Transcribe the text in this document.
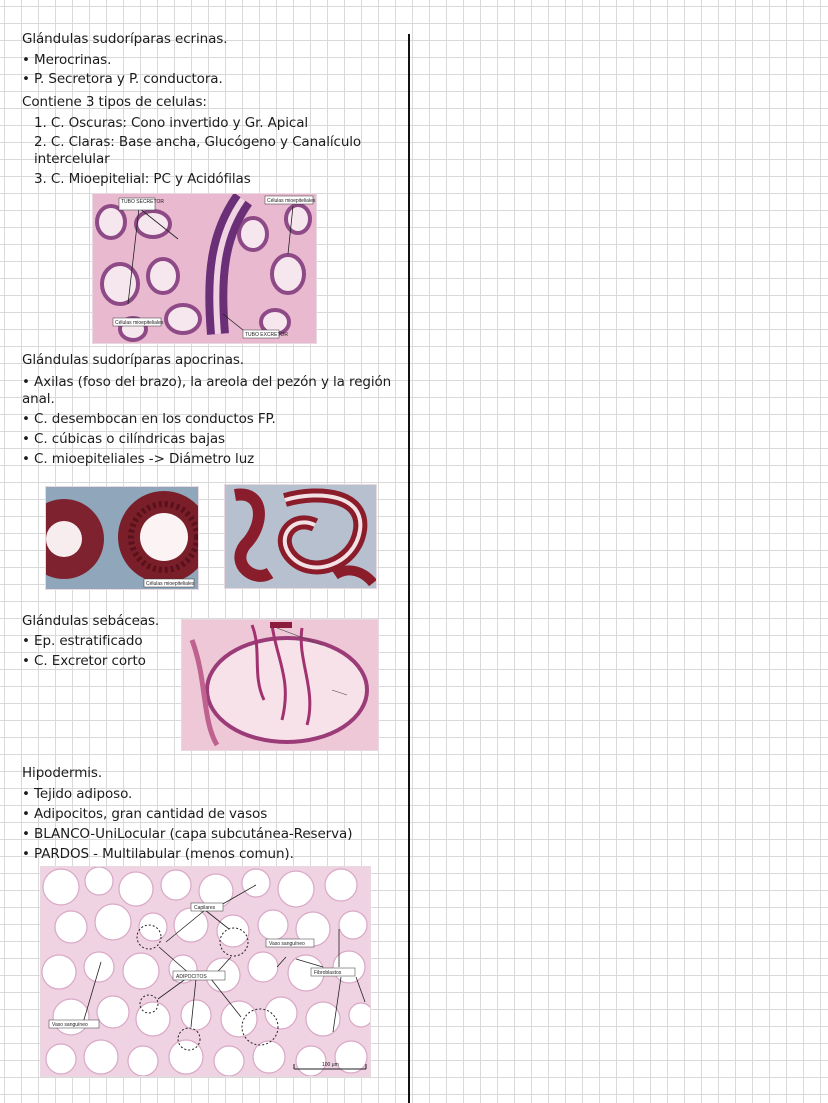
Glándulas sudoríparas ecrinas.
• Merocrinas.
• P. Secretora y P. conductora.
Contiene 3 tipos de celulas:
1. C. Oscuras: Cono invertido y Gr. Apical
2. C. Claras: Base ancha, Glucógeno y Canalículo
intercelular
3. C. Mioepitelial: PC y Acidófilas
TUBO SECRETOR
Células mioepiteliales
Células mioepiteliales
TUBO EXCRETOR
Glándulas sudoríparas apocrinas.
• Axilas (foso del brazo), la areola del pezón y la región
anal.
• C. desembocan en los conductos FP.
• C. cúbicas o cilíndricas bajas
• C. mioepiteliales -> Diámetro luz
Células mioepiteliales
Glándulas sebáceas.
• Ep. estratificado
• C. Excretor corto
Hipodermis.
• Tejido adiposo.
• Adipocitos, gran cantidad de vasos
• BLANCO-UniLocular (capa subcutánea-Reserva)
• PARDOS - Multilabular (menos comun).
Capilares
Vaso sanguíneo
ADIPOCITOS
Fibroblastos
Vaso sanguíneo
100 μm
